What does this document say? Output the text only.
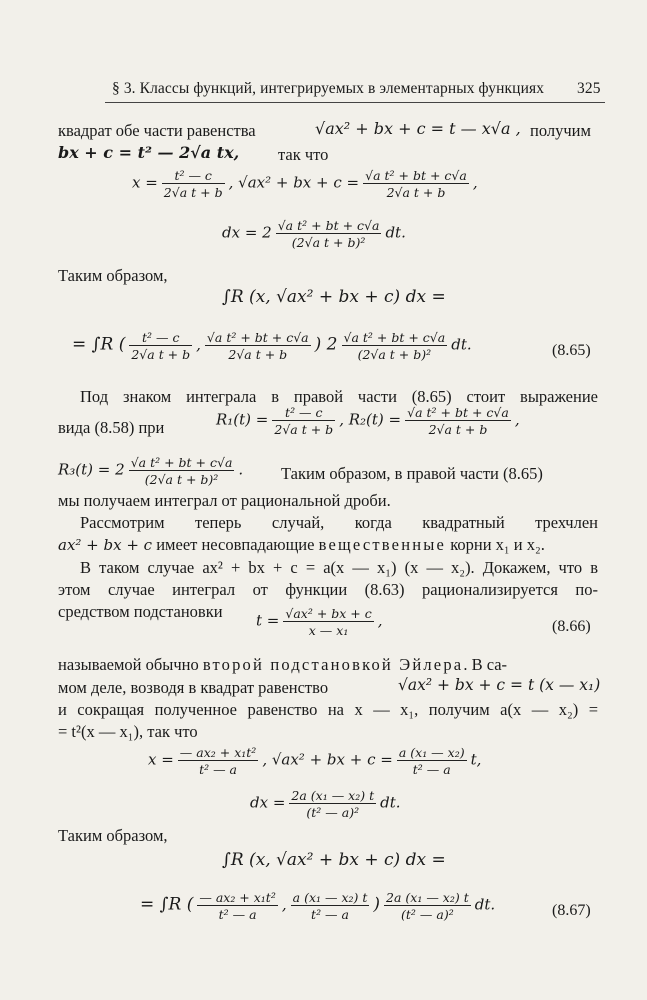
§ 3. Классы функций, интегрируемых в элементарных функциях 325
квадрат обе части равенства	√ax² + bx + c = t — x√a , получим
bx + c = t² — 2√a tx, так что
$x = \frac{\text{t² — c}}{\text{2√a t + b}}$ , √ax² + bx + $c = \frac{\text{√a t² + bt + c√a}}{\text{2√a t + b}}$ ,
dx = $2 \frac{\text{√a t² + bt + c√a}}{\text{(2√a t + b)²}}$ dt.
Таким образом,
∫R (x, √ax² + bx + c) dx =
= ∫R ( $\frac{\text{t² — c}}{\text{2√a t + b}}$ , $\frac{\text{√a t² + bt + c√a}}{\text{2√a t + b}}$ ) $2 \frac{\text{√a t² + bt + c√a}}{\text{(2√a t + b)²}}$ dt.	(8.65)
Под знаком интеграла в правой части (8.65) стоит выражение
вида (8.58) при	$R_1(t) = \frac{\text{t² — c}}{\text{2√a t + b}}$ , $R_2(t) = \frac{\text{√a t² + bt + c√a}}{\text{2√a t + b}}$ ,
$R_3(t) = 2 \frac{\text{√a t² + bt + c√a}}{\text{(2√a t + b)²}}$ . Таким образом, в правой части (8.65)
мы получаем интеграл от рациональной дроби.
Рассмотрим теперь случай, когда квадратный трехчлен
ax² + bx + c имеет несовпадающие вещественные корни x₁ и x₂.
В таком случае ax² + bx + c = a(x — x₁) (x — x₂). Докажем, что в
этом случае интеграл от функции (8.63) рационализируется по-
средством подстановки $t = \frac{\text{√ax² + bx + c}}{\text{x — x₁}}$ ,	(8.66)
называемой обычно второй подстановкой Эйлера. В са-
мом деле, возводя в квадрат равенство	√ax² + bx + c = t (x — x₁)
и сокращая полученное равенство на x — x₁, получим a(x — x₂) =
= t²(x — x₁), так что
$x = \frac{\text{— ax₂ + x₁t²}}{\text{t² — a}}$ , √ax² + bx + $c = \frac{\text{a (x₁ — x₂)}}{\text{t² — a}} t$,
dx = $\frac{\text{2a (x₁ — x₂) t}}{\text{(t² — a)²}}$ dt.
Таким образом,
∫R (x, √ax² + bx + c) dx =
= ∫R ( $\frac{\text{— ax₂ + x₁t²}}{\text{t² — a}}$ , $\frac{\text{a (x₁ — x₂) t}}{\text{t² — a}}$ ) $\frac{\text{2a (x₁ — x₂) t}}{\text{(t² — a)²}}$ dt.	(8.67)
